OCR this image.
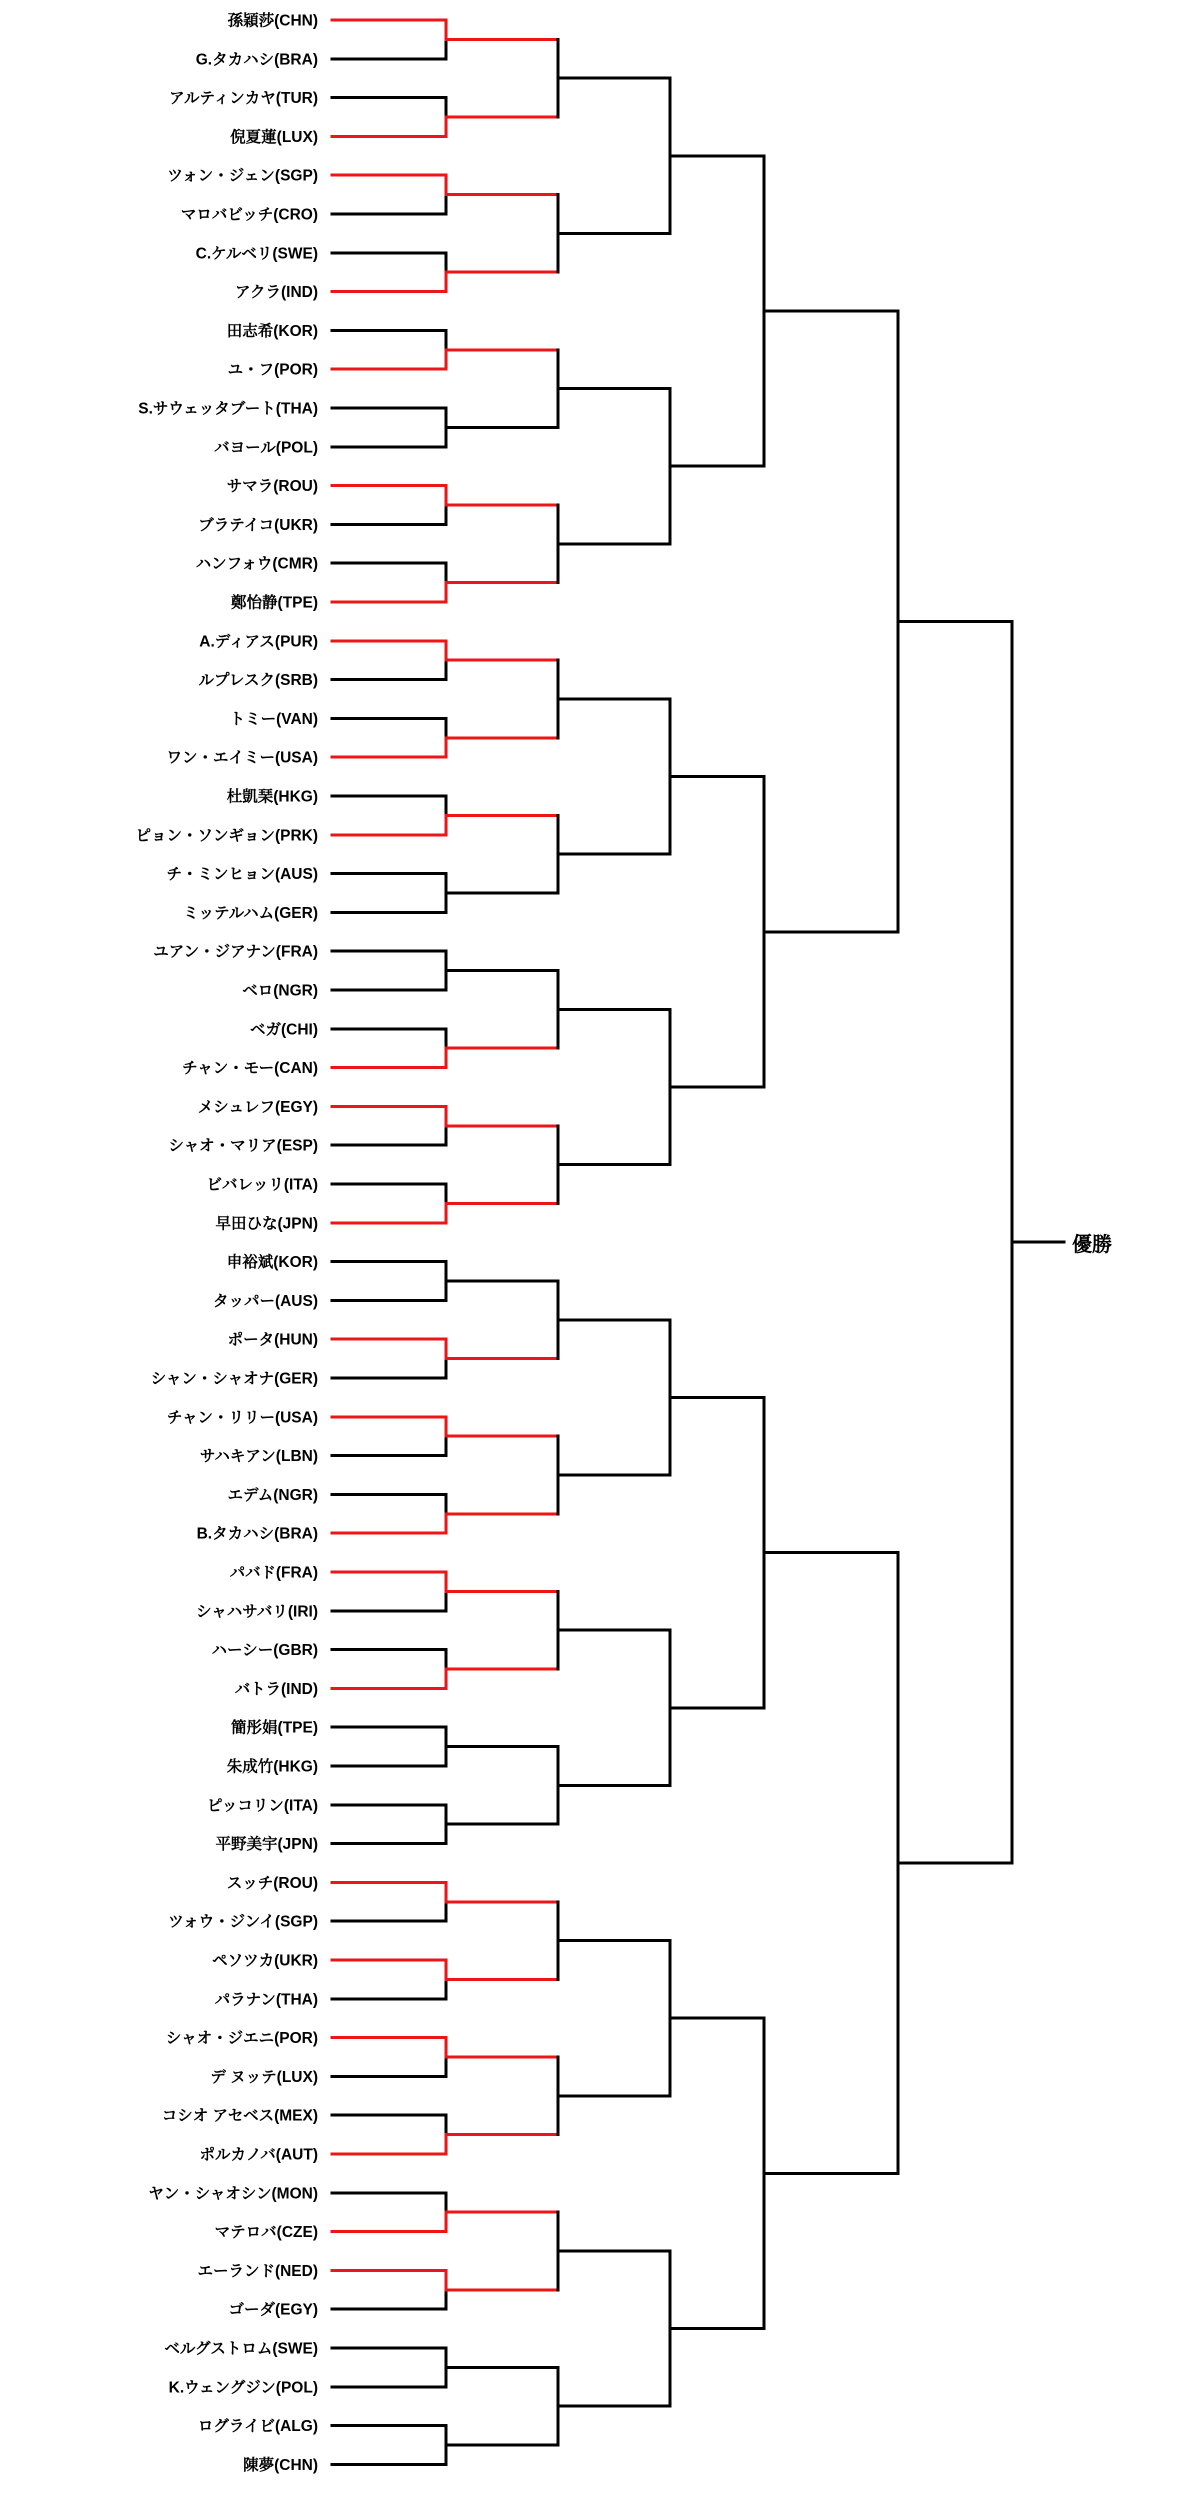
孫穎莎(CHN)
G.タカハシ(BRA)
アルティンカヤ(TUR)
倪夏蓮(LUX)
ツォン・ジェン(SGP)
マロバビッチ(CRO)
C.ケルベリ(SWE)
アクラ(IND)
田志希(KOR)
ユ・フ(POR)
S.サウェッタブート(THA)
バヨール(POL)
サマラ(ROU)
ブラテイコ(UKR)
ハンフォウ(CMR)
鄭怡静(TPE)
A.ディアス(PUR)
ルプレスク(SRB)
トミー(VAN)
ワン・エイミー(USA)
杜凱琹(HKG)
ピョン・ソンギョン(PRK)
チ・ミンヒョン(AUS)
ミッテルハム(GER)
ユアン・ジアナン(FRA)
ベロ(NGR)
ベガ(CHI)
チャン・モー(CAN)
メシュレフ(EGY)
シャオ・マリア(ESP)
ビバレッリ(ITA)
早田ひな(JPN)
申裕斌(KOR)
タッパー(AUS)
ポータ(HUN)
シャン・シャオナ(GER)
チャン・リリー(USA)
サハキアン(LBN)
エデム(NGR)
B.タカハシ(BRA)
パバド(FRA)
シャハサバリ(IRI)
ハーシー(GBR)
バトラ(IND)
簡彤娟(TPE)
朱成竹(HKG)
ピッコリン(ITA)
平野美宇(JPN)
スッチ(ROU)
ツォウ・ジンイ(SGP)
ペソツカ(UKR)
パラナン(THA)
シャオ・ジエニ(POR)
デ ヌッテ(LUX)
コシオ アセベス(MEX)
ポルカノバ(AUT)
ヤン・シャオシン(MON)
マテロバ(CZE)
エーランド(NED)
ゴーダ(EGY)
ベルグストロム(SWE)
K.ウェングジン(POL)
ログライビ(ALG)
陳夢(CHN)
優勝
